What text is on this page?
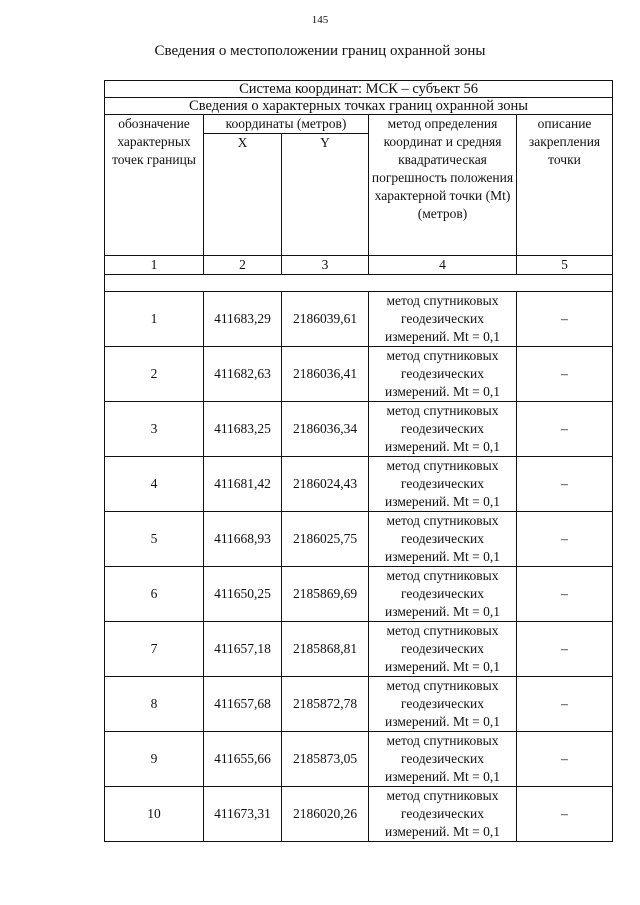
145
Сведения о местоположении границ охранной зоны
Система координат: МСК – субъект 56				
Сведения о характерных точках границ охранной зоны				
обозначение характерных точек границы	координаты (метров)		метод определения координат и средняя квадратическая погрешность положения характерной точки (Mt) (метров)	описание закрепления точки
	X	Y		
1	2	3	4	5

1	411683,29	2186039,61	метод спутниковых геодезических измерений. Mt = 0,1	–
2	411682,63	2186036,41	метод спутниковых геодезических измерений. Mt = 0,1	–
3	411683,25	2186036,34	метод спутниковых геодезических измерений. Mt = 0,1	–
4	411681,42	2186024,43	метод спутниковых геодезических измерений. Mt = 0,1	–
5	411668,93	2186025,75	метод спутниковых геодезических измерений. Mt = 0,1	–
6	411650,25	2185869,69	метод спутниковых геодезических измерений. Mt = 0,1	–
7	411657,18	2185868,81	метод спутниковых геодезических измерений. Mt = 0,1	–
8	411657,68	2185872,78	метод спутниковых геодезических измерений. Mt = 0,1	–
9	411655,66	2185873,05	метод спутниковых геодезических измерений. Mt = 0,1	–
10	411673,31	2186020,26	метод спутниковых геодезических измерений. Mt = 0,1	–
